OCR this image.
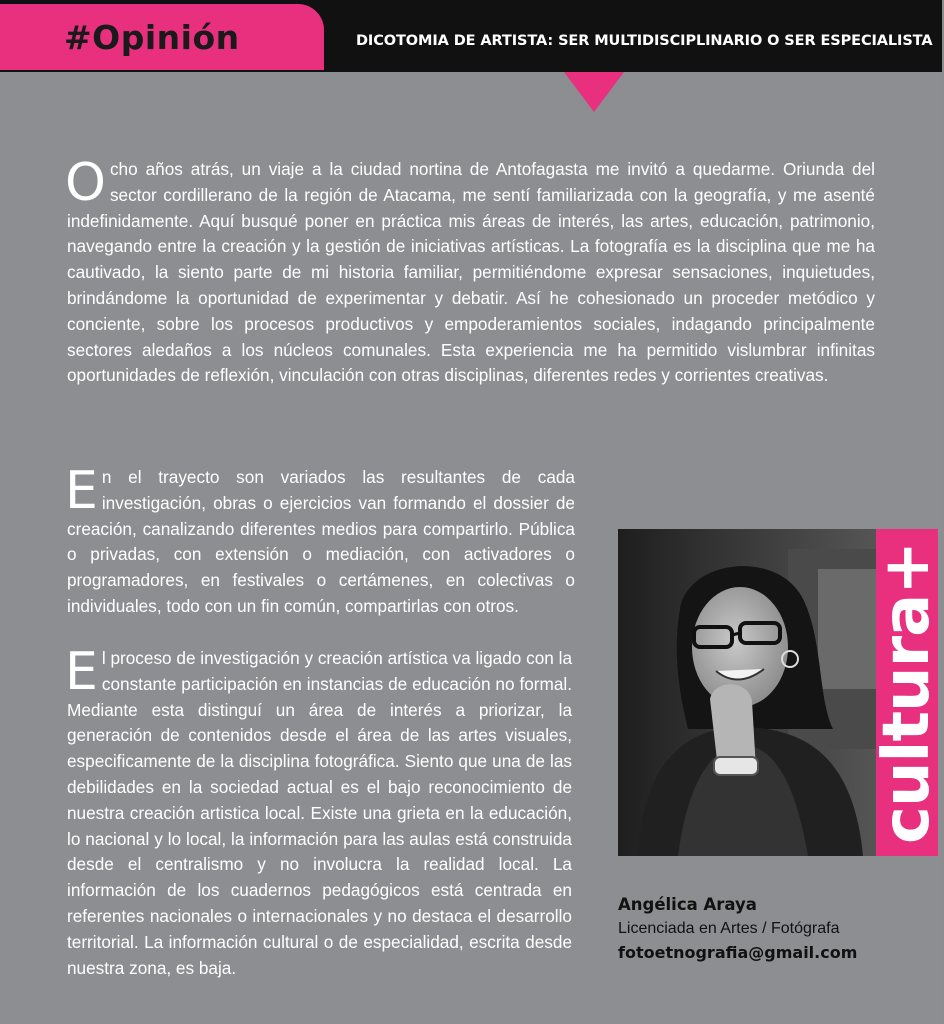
#Opinión	DICOTOMIA DE ARTISTA: SER MULTIDISCIPLINARIO O SER ESPECIALISTA

Ocho años atrás, un viaje a la ciudad nortina de Antofagasta me invitó a quedarme. Oriunda del sector cordillerano de la región de Atacama, me sentí familiarizada con la geografía, y me asenté indefinidamente. Aquí busqué poner en práctica mis áreas de interés, las artes, educación, patrimonio, navegando entre la creación y la gestión de iniciativas artísticas. La fotografía es la disciplina que me ha cautivado, la siento parte de mi historia familiar, permitiéndome expresar sensaciones, inquietudes, brindándome la oportunidad de experimentar y debatir. Así he cohesionado un proceder metódico y conciente, sobre los procesos productivos y empoderamientos sociales, indagando principalmente sectores aledaños a los núcleos comunales. Esta experiencia me ha permitido vislumbrar infinitas oportunidades de reflexión, vinculación con otras disciplinas, diferentes redes y corrientes creativas.

En el trayecto son variados las resultantes de cada investigación, obras o ejercicios van formando el dossier de creación, canalizando diferentes medios para compartirlo. Pública o privadas, con extensión o mediación, con activadores o programadores, en festivales o certámenes, en colectivas o individuales, todo con un fin común, compartirlas con otros.

El proceso de investigación y creación artística va ligado con la constante participación en instancias de educación no formal. Mediante esta distinguí un área de interés a priorizar, la generación de contenidos desde el área de las artes visuales, especificamente de la disciplina fotográfica. Siento que una de las debilidades en la sociedad actual es el bajo reconocimiento de nuestra creación artistica local. Existe una grieta en la educación, lo nacional y lo local, la información para las aulas está construida desde el centralismo y no involucra la realidad local. La información de los cuadernos pedagógicos está centrada en referentes nacionales o internacionales y no destaca el desarrollo territorial. La información cultural o de especialidad, escrita desde nuestra zona, es baja.

cultura+

Angélica Araya

Licenciada en Artes / Fotógrafa

fotoetnografia@gmail.com
